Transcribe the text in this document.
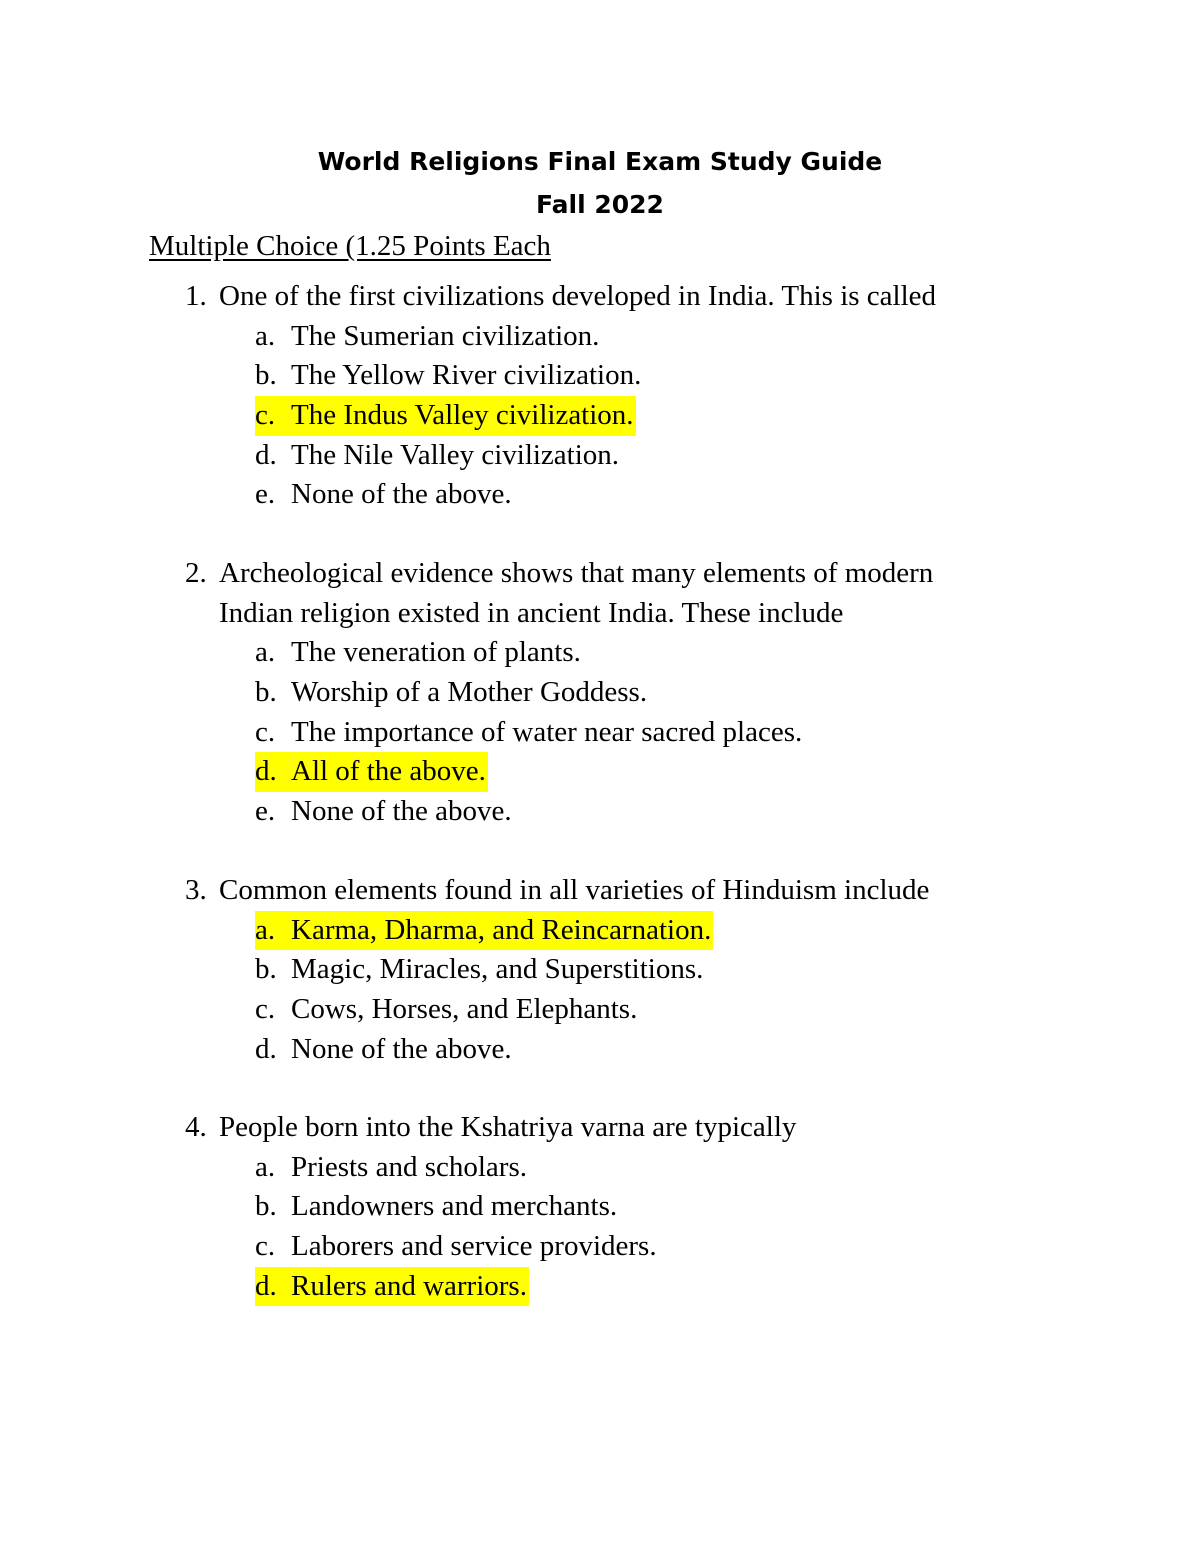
World Religions Final Exam Study Guide
Fall 2022
Multiple Choice (1.25 Points Each
1. One of the first civilizations developed in India. This is called
a. The Sumerian civilization.
b. The Yellow River civilization.
c. The Indus Valley civilization.
d. The Nile Valley civilization.
e. None of the above.
2. Archeological evidence shows that many elements of modern
Indian religion existed in ancient India. These include
a. The veneration of plants.
b. Worship of a Mother Goddess.
c. The importance of water near sacred places.
d. All of the above.
e. None of the above.
3. Common elements found in all varieties of Hinduism include
a. Karma, Dharma, and Reincarnation.
b. Magic, Miracles, and Superstitions.
c. Cows, Horses, and Elephants.
d. None of the above.
4. People born into the Kshatriya varna are typically
a. Priests and scholars.
b. Landowners and merchants.
c. Laborers and service providers.
d. Rulers and warriors.
